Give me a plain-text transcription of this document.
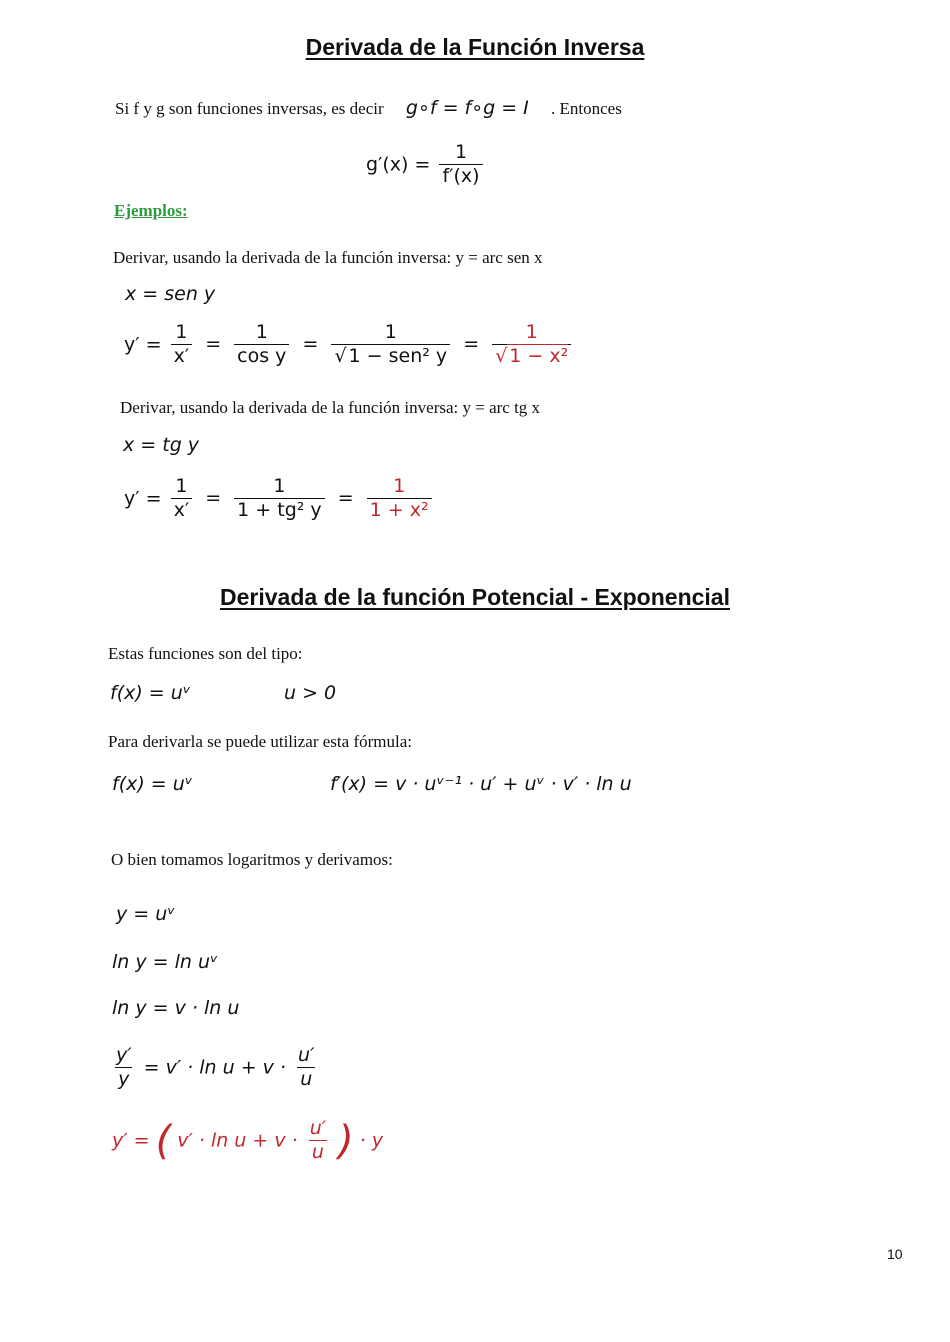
Derivada de la Función Inversa
Si f y g son funciones inversas, es decir g∘f = f∘g = I . Entonces
$g'(x) = \frac{1}{f'(x)}$
Ejemplos:
Derivar, usando la derivada de la función inversa: y = arc sen x
x = sen y
$y' = \frac{1}{x'} = \frac{1}{\text{cos y}} = \frac{1}{\text{√ 1 − sen² y}} = \frac{1}{\text{√ 1 − x²}}$
Derivar, usando la derivada de la función inversa: y = arc tg x
x = tg y
$y' = \frac{1}{x'} = \frac{1}{\text{1 + tg² y}} = \frac{1}{\text{1 + x²}}$
Derivada de la función Potencial - Exponencial
Estas funciones son del tipo:
f(x) = uᵛ	u > 0
Para derivarla se puede utilizar esta fórmula:
f(x) = uᵛ	f′(x) = v · uᵛ⁻¹ · u′ + uᵛ · v′ · ln u
O bien tomamos logaritmos y derivamos:
y = uᵛ
ln y = ln uᵛ
ln y = v · ln u
$\frac{y'}{y} = v' \cdot \ln u + v \cdot \frac{u'}{u}$
y′ = ( $v' \cdot \ln u + v \cdot \frac{u'}{u}$ ) · y
10
